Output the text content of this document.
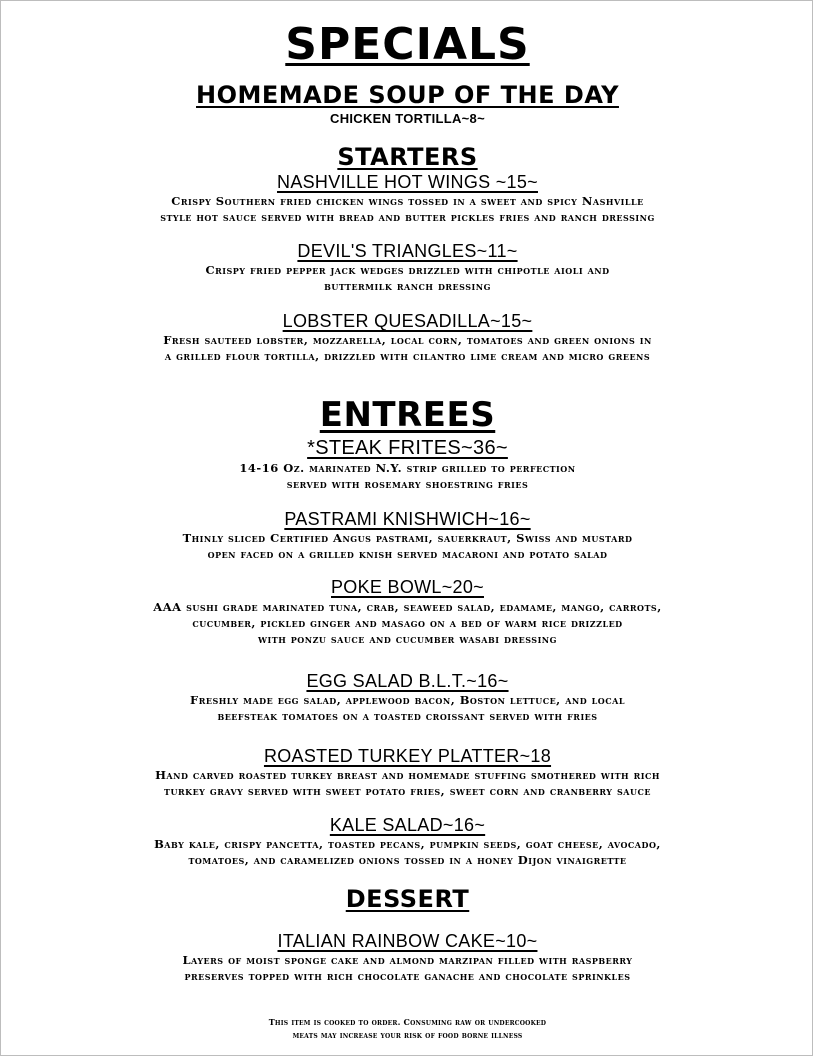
SPECIALS
HOMEMADE SOUP OF THE DAY
CHICKEN TORTILLA~8~
STARTERS
NASHVILLE HOT WINGS ~15~
Crispy Southern fried chicken wings tossed in a sweet and spicy Nashville
style hot sauce served with bread and butter pickles fries and ranch dressing
DEVIL'S TRIANGLES~11~
Crispy fried pepper jack wedges drizzled with chipotle aioli and
buttermilk ranch dressing
LOBSTER QUESADILLA~15~
Fresh sauteed lobster, mozzarella, local corn, tomatoes and green onions in
a grilled flour tortilla, drizzled with cilantro lime cream and micro greens
ENTREES
*STEAK FRITES~36~
14-16 Oz. marinated N.Y. strip grilled to perfection
served with rosemary shoestring fries
PASTRAMI KNISHWICH~16~
Thinly sliced Certified Angus pastrami, sauerkraut, Swiss and mustard
open faced on a grilled knish served macaroni and potato salad
POKE BOWL~20~
AAA sushi grade marinated tuna, crab, seaweed salad, edamame, mango, carrots,
cucumber, pickled ginger and masago on a bed of warm rice drizzled
with ponzu sauce and cucumber wasabi dressing
EGG SALAD B.L.T.~16~
Freshly made egg salad, applewood bacon, Boston lettuce, and local
beefsteak tomatoes on a toasted croissant served with fries
ROASTED TURKEY PLATTER~18
Hand carved roasted turkey breast and homemade stuffing smothered with rich
turkey gravy served with sweet potato fries, sweet corn and cranberry sauce
KALE SALAD~16~
Baby kale, crispy pancetta, toasted pecans, pumpkin seeds, goat cheese, avocado,
tomatoes, and caramelized onions tossed in a honey Dijon vinaigrette
DESSERT
ITALIAN RAINBOW CAKE~10~
Layers of moist sponge cake and almond marzipan filled with raspberry
preserves topped with rich chocolate ganache and chocolate sprinkles
This item is cooked to order. Consuming raw or undercooked
meats may increase your risk of food borne illness
